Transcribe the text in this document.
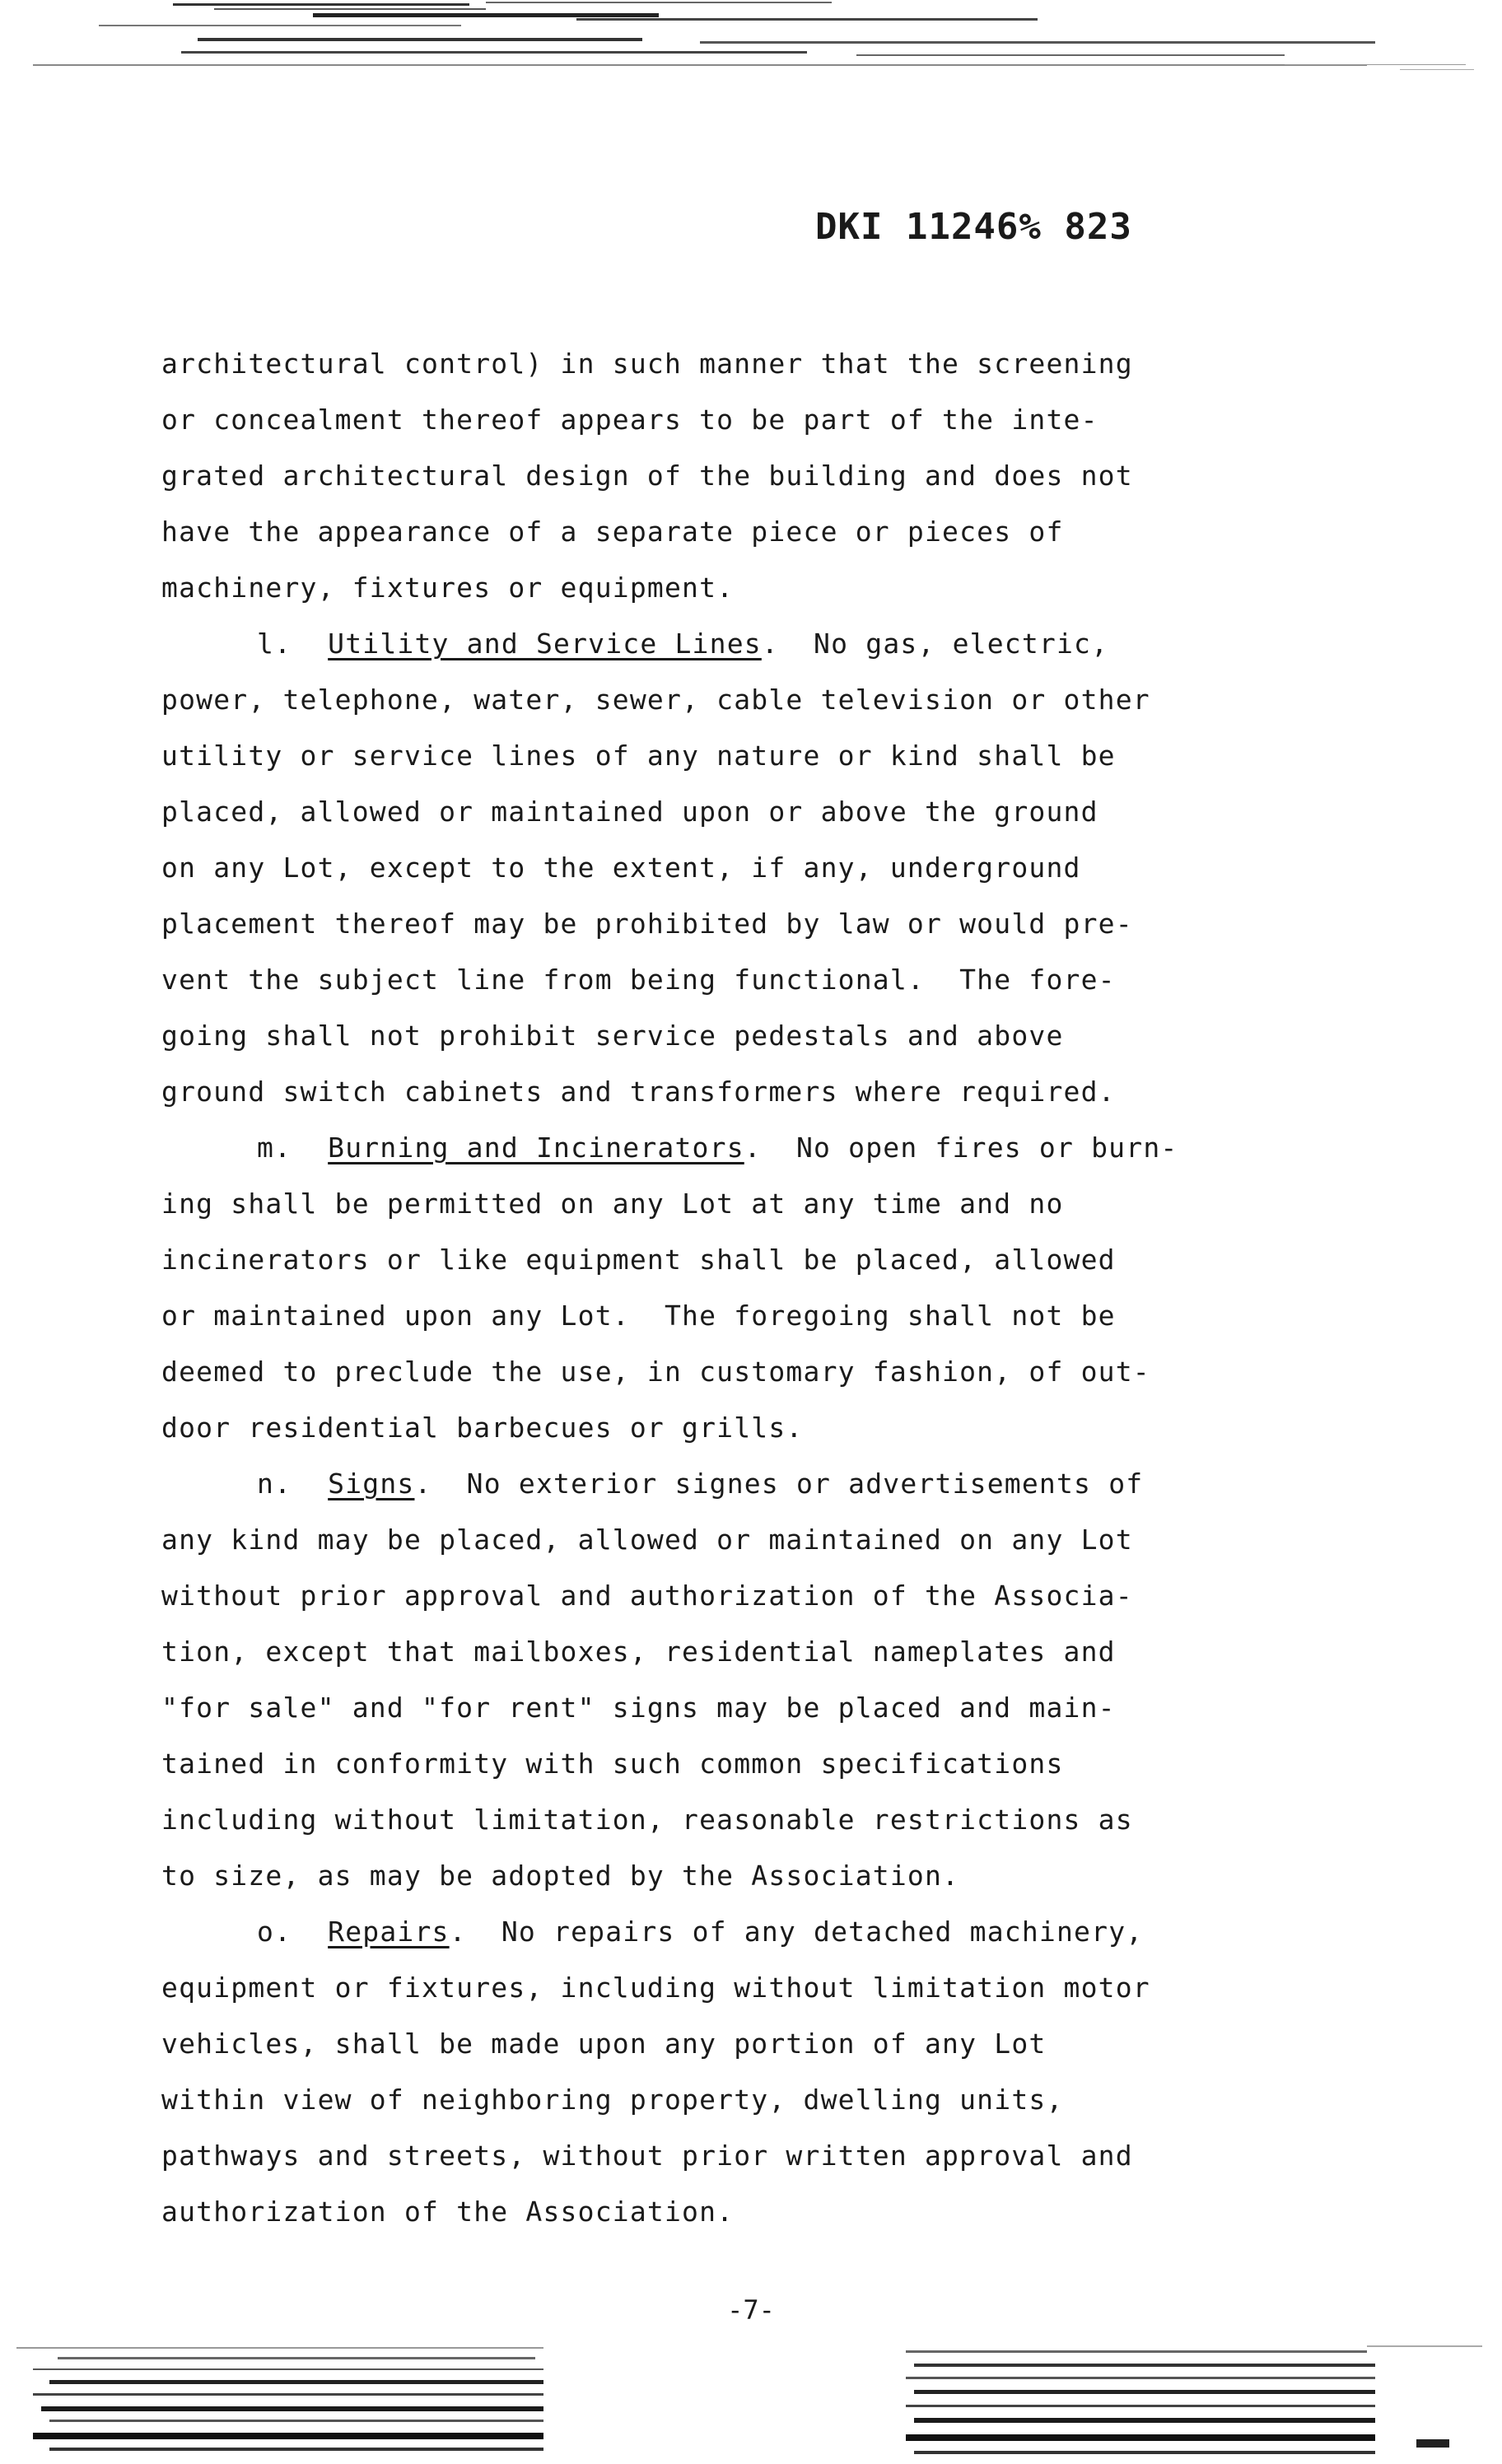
DKI 11246% 823
architectural control) in such manner that the screening
or concealment thereof appears to be part of the inte-
grated architectural design of the building and does not
have the appearance of a separate piece or pieces of
machinery, fixtures or equipment.
l. Utility and Service Lines.  No gas, electric,
power, telephone, water, sewer, cable television or other
utility or service lines of any nature or kind shall be
placed, allowed or maintained upon or above the ground
on any Lot, except to the extent, if any, underground
placement thereof may be prohibited by law or would pre-
vent the subject line from being functional.  The fore-
going shall not prohibit service pedestals and above
ground switch cabinets and transformers where required.
m. Burning and Incinerators.  No open fires or burn-
ing shall be permitted on any Lot at any time and no
incinerators or like equipment shall be placed, allowed
or maintained upon any Lot.  The foregoing shall not be
deemed to preclude the use, in customary fashion, of out-
door residential barbecues or grills.
n. Signs.  No exterior signes or advertisements of
any kind may be placed, allowed or maintained on any Lot
without prior approval and authorization of the Associa-
tion, except that mailboxes, residential nameplates and
"for sale" and "for rent" signs may be placed and main-
tained in conformity with such common specifications
including without limitation, reasonable restrictions as
to size, as may be adopted by the Association.
o. Repairs.  No repairs of any detached machinery,
equipment or fixtures, including without limitation motor
vehicles, shall be made upon any portion of any Lot
within view of neighboring property, dwelling units,
pathways and streets, without prior written approval and
authorization of the Association.
-7-
